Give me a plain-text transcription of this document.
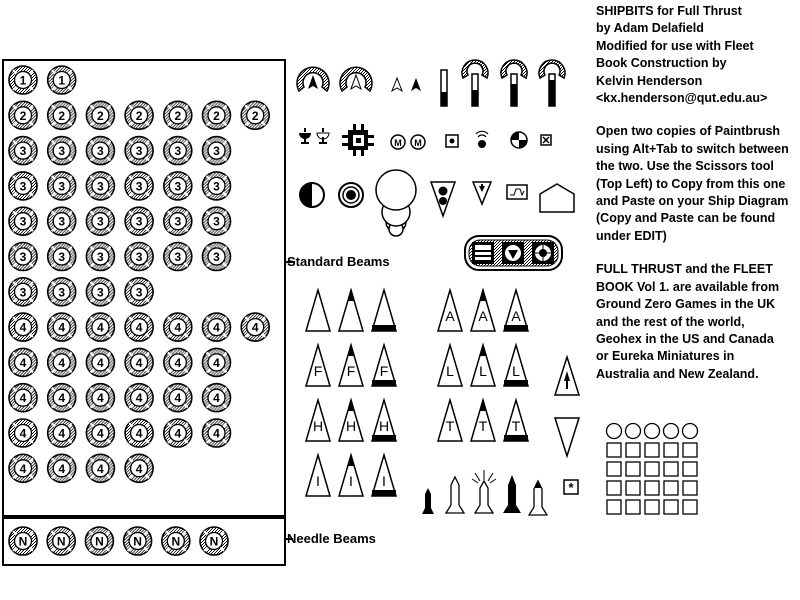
Standard Beams
Needle Beams

SHIPBITS for Full Thrust
by Adam Delafield
Modified for use with Fleet
Book Construction by
Kelvin Henderson
<kx.henderson@qut.edu.au>

Open two copies of Paintbrush
using Alt+Tab to switch between
the two. Use the Scissors tool
(Top Left) to Copy from this one
and Paste on your Ship Diagram
(Copy and Paste can be found
under EDIT)

FULL THRUST and the FLEET
BOOK Vol 1. are available from
Ground Zero Games in the UK
and the rest of the world,
Geohex in the US and Canada
or Eureka Miniatures in
Australia and New Zealand.

1	1
2	2	2	2	2	2	2
3	3	3	3	3	3
3	3	3	3	3	3
3	3	3	3	3	3
3	3	3	3	3	3
3	3	3	3
4	4	4	4	4	4	4
4	4	4	4	4	4
4	4	4	4	4	4
4	4	4	4	4	4
4	4	4	4
N N N N N N
M M
F F F
H H H
I I I
A A A
L L L
T T T
*
